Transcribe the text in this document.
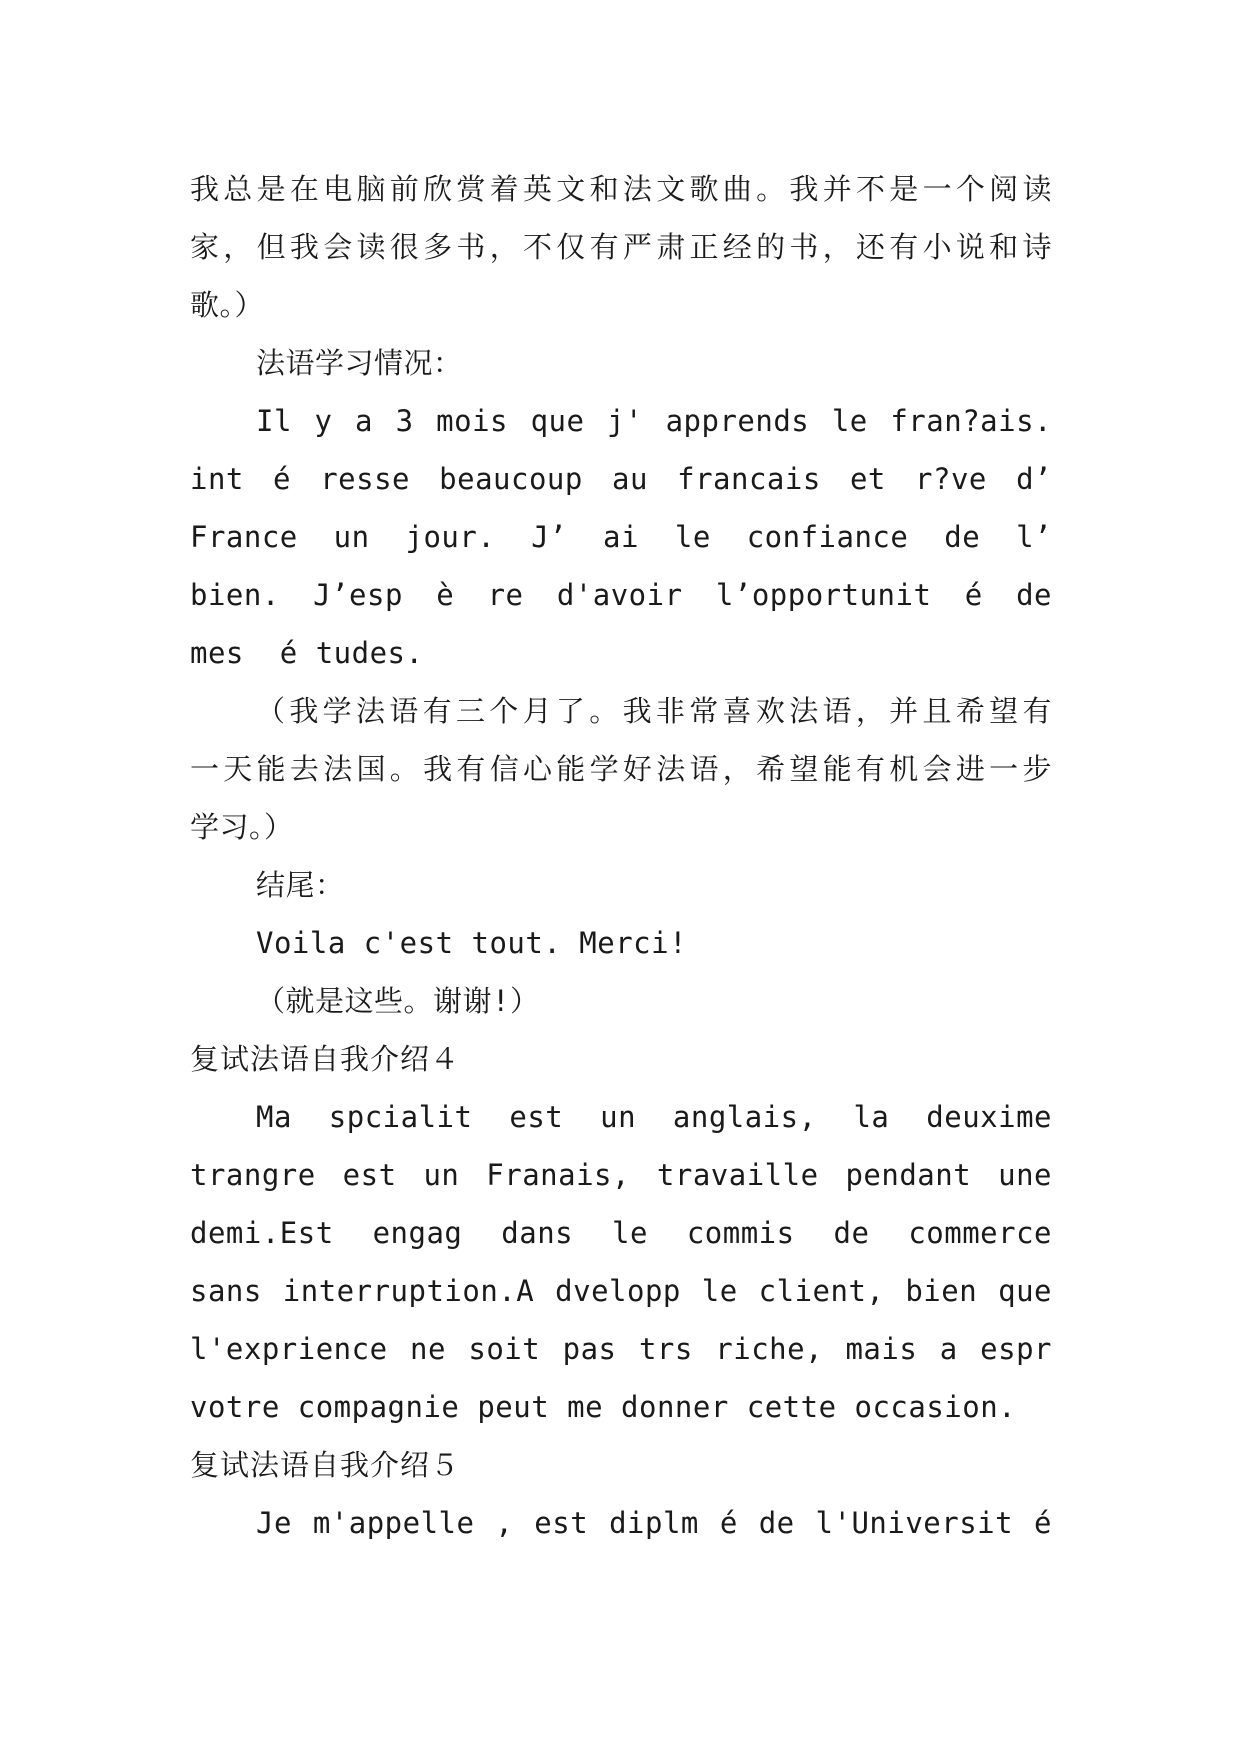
我总是在电脑前欣赏着英文和法文歌曲。我并不是一个阅读
家，但我会读很多书，不仅有严肃正经的书，还有小说和诗
歌。）
法语学习情况：
Il y a 3 mois que j' apprends le fran?ais.
int é resse beaucoup au francais et r?ve d’
France un jour. J’ ai le confiance de l’
bien. J’esp è re d'avoir l’opportunit é de
mes  é tudes.
（我学法语有三个月了。我非常喜欢法语，并且希望有
一天能去法国。我有信心能学好法语，希望能有机会进一步
学习。）
结尾：
Voila c'est tout. Merci!
（就是这些。谢谢!）
复试法语自我介绍４
Ma spcialit est un anglais, la deuxime
trangre est un Franais, travaille pendant une
demi.Est engag dans le commis de commerce
sans interruption.A dvelopp le client, bien que
l'exprience ne soit pas trs riche, mais a espr
votre compagnie peut me donner cette occasion.
复试法语自我介绍５
Je m'appelle , est diplm é de l'Universit é
